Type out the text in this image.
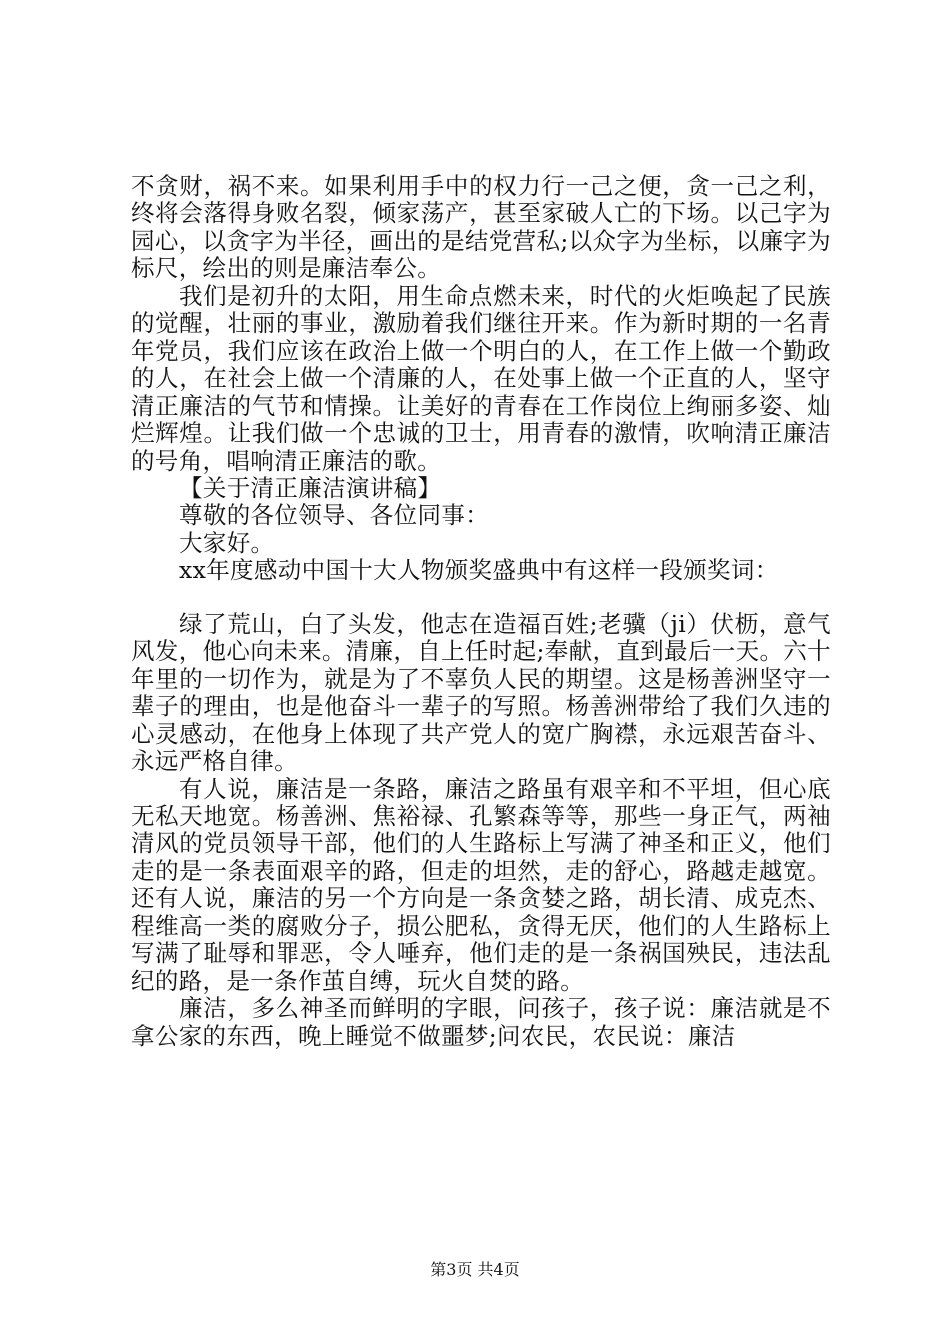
不贪财，祸不来。如果利用手中的权力行一己之便，贪一己之利，终将会落得身败名裂，倾家荡产，甚至家破人亡的下场。以己字为园心，以贪字为半径，画出的是结党营私;以众字为坐标，以廉字为标尺，绘出的则是廉洁奉公。

我们是初升的太阳，用生命点燃未来，时代的火炬唤起了民族的觉醒，壮丽的事业，激励着我们继往开来。作为新时期的一名青年党员，我们应该在政治上做一个明白的人，在工作上做一个勤政的人，在社会上做一个清廉的人，在处事上做一个正直的人，坚守清正廉洁的气节和情操。让美好的青春在工作岗位上绚丽多姿、灿烂辉煌。让我们做一个忠诚的卫士，用青春的激情，吹响清正廉洁的号角，唱响清正廉洁的歌。

【关于清正廉洁演讲稿】

尊敬的各位领导、各位同事：

大家好。

xx年度感动中国十大人物颁奖盛典中有这样一段颁奖词：

绿了荒山，白了头发，他志在造福百姓;老骥（ji）伏枥，意气风发，他心向未来。清廉，自上任时起;奉献，直到最后一天。六十年里的一切作为，就是为了不辜负人民的期望。这是杨善洲坚守一辈子的理由，也是他奋斗一辈子的写照。杨善洲带给了我们久违的心灵感动，在他身上体现了共产党人的宽广胸襟，永远艰苦奋斗、永远严格自律。

有人说，廉洁是一条路，廉洁之路虽有艰辛和不平坦，但心底无私天地宽。杨善洲、焦裕禄、孔繁森等等，那些一身正气，两袖清风的党员领导干部，他们的人生路标上写满了神圣和正义，他们走的是一条表面艰辛的路，但走的坦然，走的舒心，路越走越宽。还有人说，廉洁的另一个方向是一条贪婪之路，胡长清、成克杰、程维高一类的腐败分子，损公肥私，贪得无厌，他们的人生路标上写满了耻辱和罪恶，令人唾弃，他们走的是一条祸国殃民，违法乱纪的路，是一条作茧自缚，玩火自焚的路。

廉洁，多么神圣而鲜明的字眼，问孩子，孩子说：廉洁就是不拿公家的东西，晚上睡觉不做噩梦;问农民，农民说：廉洁

第3页 共4页
